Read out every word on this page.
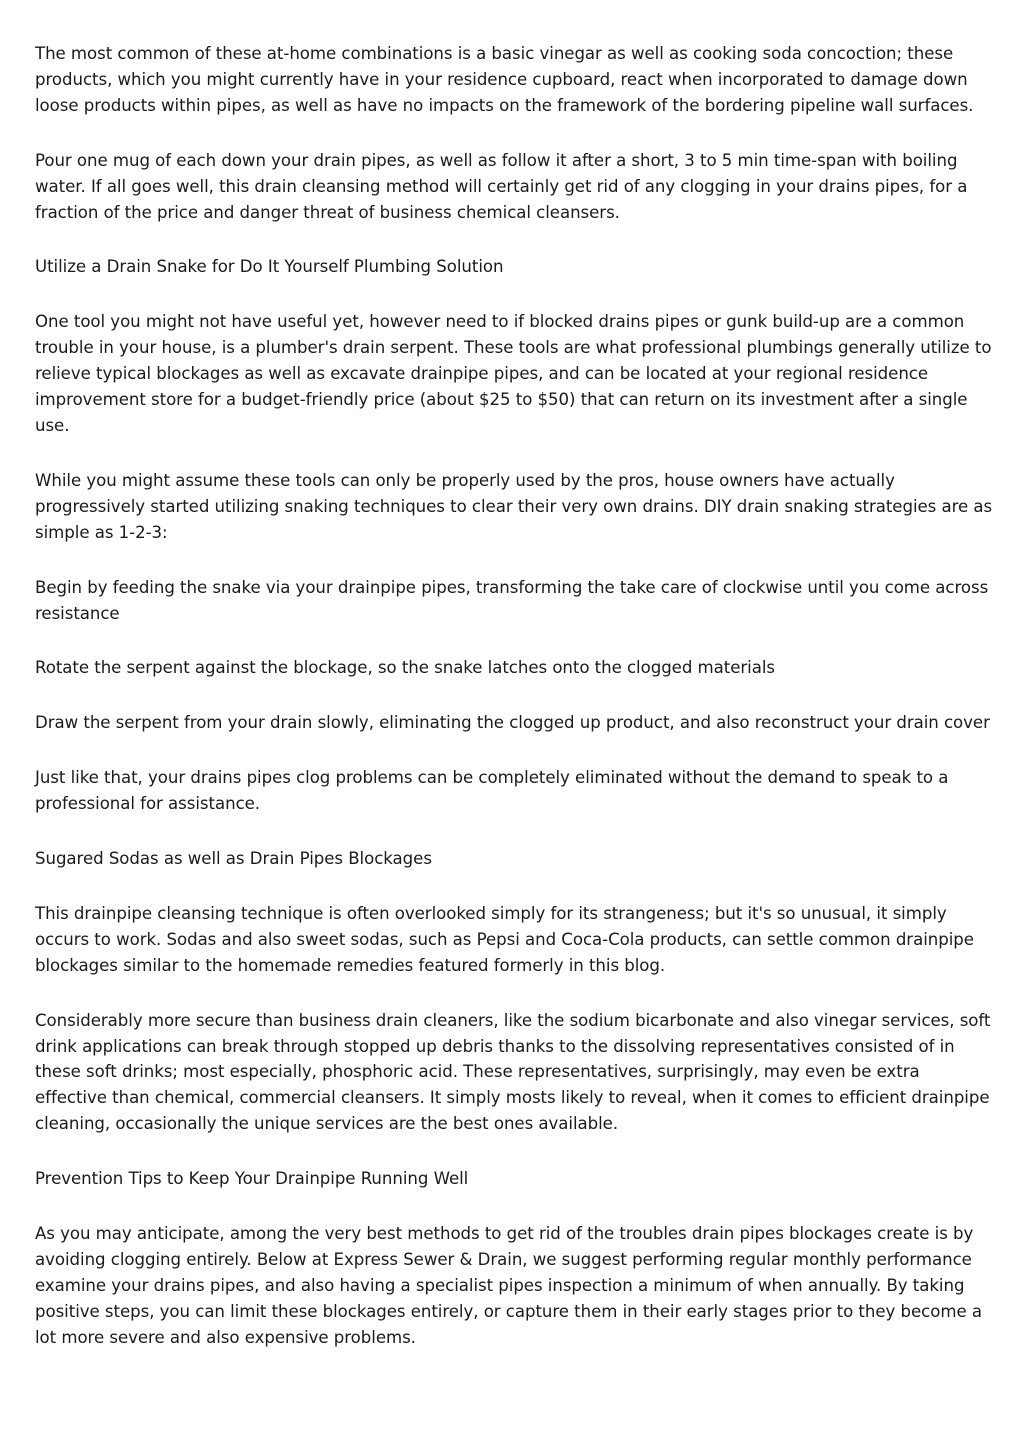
The most common of these at-home combinations is a basic vinegar as well as cooking soda concoction; these products, which you might currently have in your residence cupboard, react when incorporated to damage down loose products within pipes, as well as have no impacts on the framework of the bordering pipeline wall surfaces.

Pour one mug of each down your drain pipes, as well as follow it after a short, 3 to 5 min time-span with boiling water. If all goes well, this drain cleansing method will certainly get rid of any clogging in your drains pipes, for a fraction of the price and danger threat of business chemical cleansers.

Utilize a Drain Snake for Do It Yourself Plumbing Solution

One tool you might not have useful yet, however need to if blocked drains pipes or gunk build-up are a common trouble in your house, is a plumber's drain serpent. These tools are what professional plumbings generally utilize to relieve typical blockages as well as excavate drainpipe pipes, and can be located at your regional residence improvement store for a budget-friendly price (about $25 to $50) that can return on its investment after a single use.

While you might assume these tools can only be properly used by the pros, house owners have actually progressively started utilizing snaking techniques to clear their very own drains. DIY drain snaking strategies are as simple as 1-2-3:

Begin by feeding the snake via your drainpipe pipes, transforming the take care of clockwise until you come across resistance

Rotate the serpent against the blockage, so the snake latches onto the clogged materials

Draw the serpent from your drain slowly, eliminating the clogged up product, and also reconstruct your drain cover

Just like that, your drains pipes clog problems can be completely eliminated without the demand to speak to a professional for assistance.

Sugared Sodas as well as Drain Pipes Blockages

This drainpipe cleansing technique is often overlooked simply for its strangeness; but it's so unusual, it simply occurs to work. Sodas and also sweet sodas, such as Pepsi and Coca-Cola products, can settle common drainpipe blockages similar to the homemade remedies featured formerly in this blog.

Considerably more secure than business drain cleaners, like the sodium bicarbonate and also vinegar services, soft drink applications can break through stopped up debris thanks to the dissolving representatives consisted of in these soft drinks; most especially, phosphoric acid. These representatives, surprisingly, may even be extra effective than chemical, commercial cleansers. It simply mosts likely to reveal, when it comes to efficient drainpipe cleaning, occasionally the unique services are the best ones available.

Prevention Tips to Keep Your Drainpipe Running Well

As you may anticipate, among the very best methods to get rid of the troubles drain pipes blockages create is by avoiding clogging entirely. Below at Express Sewer & Drain, we suggest performing regular monthly performance examine your drains pipes, and also having a specialist pipes inspection a minimum of when annually. By taking positive steps, you can limit these blockages entirely, or capture them in their early stages prior to they become a lot more severe and also expensive problems.
